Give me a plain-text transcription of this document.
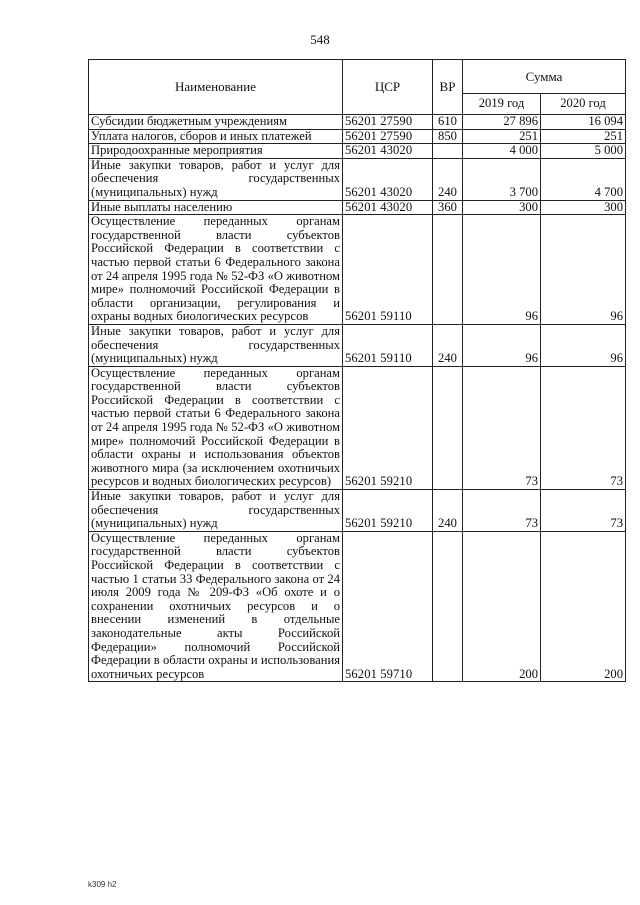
548
Наименование	ЦСР	ВР	Сумма	
			2019 год	2020 год
Субсидии бюджетным учреждениям	56201 27590	610	27 896	16 094
Уплата налогов, сборов и иных платежей	56201 27590	850	251	251
Природоохранные мероприятия	56201 43020		4 000	5 000
Иные закупки товаров, работ и услуг для обеспечения государственных (муниципальных) нужд	56201 43020	240	3 700	4 700
Иные выплаты населению	56201 43020	360	300	300
Осуществление переданных органам государственной власти субъектов Российской Федерации в соответствии с частью первой статьи 6 Федерального закона от 24 апреля 1995 года № 52-ФЗ «О животном мире» полномочий Российской Федерации в области организации, регулирования и охраны водных биологических ресурсов	56201 59110		96	96
Иные закупки товаров, работ и услуг для обеспечения государственных (муниципальных) нужд	56201 59110	240	96	96
Осуществление переданных органам государственной власти субъектов Российской Федерации в соответствии с частью первой статьи 6 Федерального закона от 24 апреля 1995 года № 52-ФЗ «О животном мире» полномочий Российской Федерации в области охраны и использования объектов животного мира (за исключением охотничьих ресурсов и водных биологических ресурсов)	56201 59210		73	73
Иные закупки товаров, работ и услуг для обеспечения государственных (муниципальных) нужд	56201 59210	240	73	73
Осуществление переданных органам государственной власти субъектов Российской Федерации в соответствии с частью 1 статьи 33 Федерального закона от 24 июля 2009 года № 209-ФЗ «Об охоте и о сохранении охотничьих ресурсов и о внесении изменений в отдельные законодательные акты Российской Федерации» полномочий Российской Федерации в области охраны и использования охотничьих ресурсов	56201 59710		200	200
k309 h2
